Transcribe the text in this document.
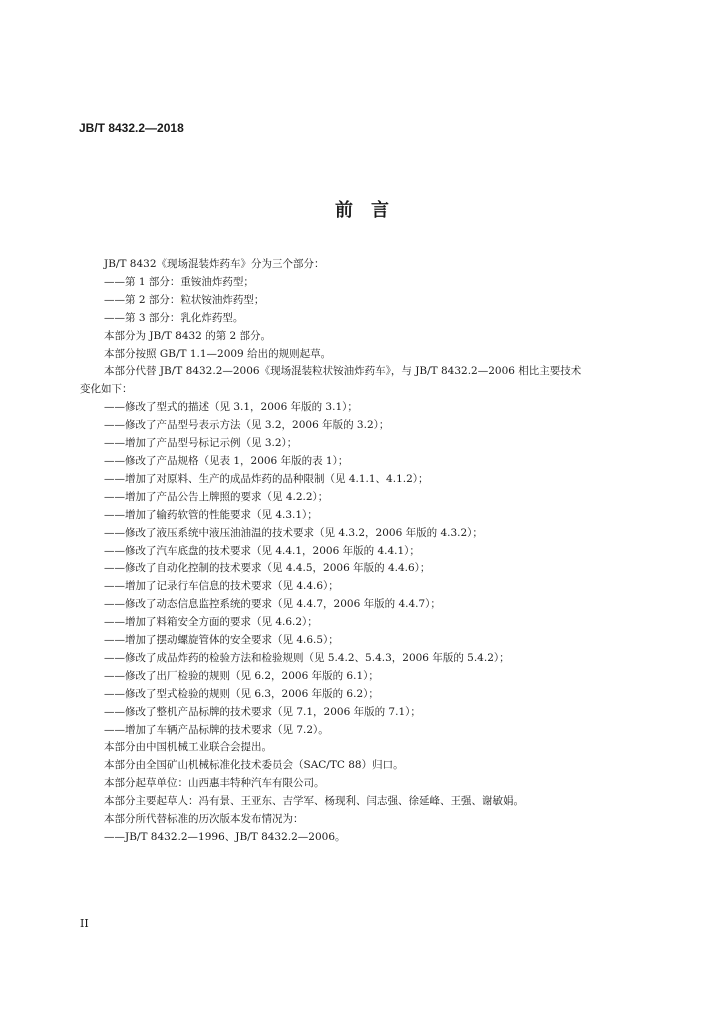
JB/T 8432.2—2018
前　言
JB/T 8432《现场混装炸药车》分为三个部分：
——第 1 部分：重铵油炸药型；
——第 2 部分：粒状铵油炸药型；
——第 3 部分：乳化炸药型。
本部分为 JB/T 8432 的第 2 部分。
本部分按照 GB/T 1.1—2009 给出的规则起草。
本部分代替 JB/T 8432.2—2006《现场混装粒状铵油炸药车》，与 JB/T 8432.2—2006 相比主要技术
变化如下：
——修改了型式的描述（见 3.1，2006 年版的 3.1）；
——修改了产品型号表示方法（见 3.2，2006 年版的 3.2）；
——增加了产品型号标记示例（见 3.2）；
——修改了产品规格（见表 1，2006 年版的表 1）；
——增加了对原料、生产的成品炸药的品种限制（见 4.1.1、4.1.2）；
——增加了产品公告上牌照的要求（见 4.2.2）；
——增加了输药软管的性能要求（见 4.3.1）；
——修改了液压系统中液压油油温的技术要求（见 4.3.2，2006 年版的 4.3.2）；
——修改了汽车底盘的技术要求（见 4.4.1，2006 年版的 4.4.1）；
——修改了自动化控制的技术要求（见 4.4.5，2006 年版的 4.4.6）；
——增加了记录行车信息的技术要求（见 4.4.6）；
——修改了动态信息监控系统的要求（见 4.4.7，2006 年版的 4.4.7）；
——增加了料箱安全方面的要求（见 4.6.2）；
——增加了摆动螺旋管体的安全要求（见 4.6.5）；
——修改了成品炸药的检验方法和检验规则（见 5.4.2、5.4.3，2006 年版的 5.4.2）；
——修改了出厂检验的规则（见 6.2，2006 年版的 6.1）；
——修改了型式检验的规则（见 6.3，2006 年版的 6.2）；
——修改了整机产品标牌的技术要求（见 7.1，2006 年版的 7.1）；
——增加了车辆产品标牌的技术要求（见 7.2）。
本部分由中国机械工业联合会提出。
本部分由全国矿山机械标准化技术委员会（SAC/TC 88）归口。
本部分起草单位：山西惠丰特种汽车有限公司。
本部分主要起草人：冯有景、王亚东、吉学军、杨现利、闫志强、徐延峰、王强、谢敏娟。
本部分所代替标准的历次版本发布情况为：
——JB/T 8432.2—1996、JB/T 8432.2—2006。
II
